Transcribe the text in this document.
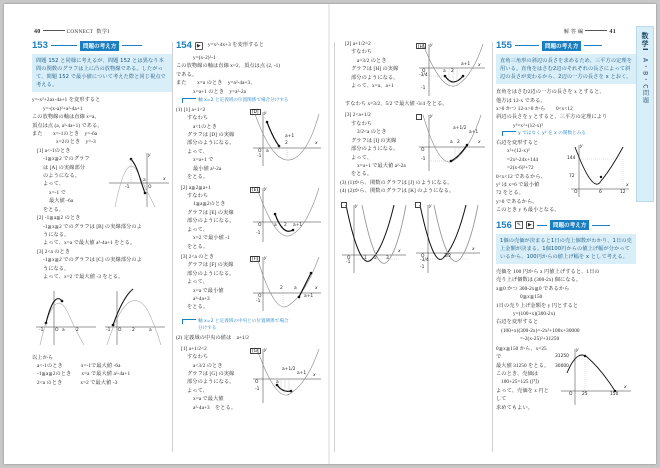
40	CONNECT 数学I	解 答 編	41	数学I
A・B・C問題
153	問題の考え方
問題 152 と同様に考えるが、問題 152 とは異なり本問の関数のグラフは上に凸の放物線である。したがって、問題 152 で最小値について考えた際と同じ視点で考える。

y=-x²+2ax-4a+1 を変形すると

y=-(x-a)²+a²-4a+1

この放物線の軸は直線 x=a。

頂点は点 (a, a²-4a+1) である。

また　　x=-1のとき　y=-6a

x=2のとき　y=-3

[1] a<-1のとき

-1≦x≦2 でのグラフ

は [A] の実線部分

のようになる。

よって、

x=-1 で

最大値 -6a

をとる。

-1	O
a	x
y

[2] -1≦a≦2 のとき

-1≦x≦2 でのグラフは [B] の実線部分のよ

うになる。

よって、x=a で最大値 a²-4a+1 をとる。

[3] 2<a のとき

-1≦x≦2 でのグラフは [C] の実線部分のよ

うになる。

よって、x=2 で最大値 -3 をとる。

-1	O a	2	-1 O 2	a

以上から

a<-1のとき	x=-1で最大値 -6a

-1≦a≦2のとき x=a で最大値 a²-4a+1

2<a のとき	x=2 で最大値 -3

154	▶	y=x²-4x+3 を変形すると

y=(x-2)²-1

この放物線の軸は直線 x=2、頂点は点 (2, -1)

である。

また　　x=a のとき　y=a²-4a+3、

x=a+1 のとき　y=a²-2a

軸 x=2 と定義域の位置関係で場合分けする

(1) [1] a+1<2

すなわち

a<1のとき

グラフは [D] の実線

部分のようになる。

よって、

x=a+1 で

最小値 a²-2a

をとる。

[D]	y
O a
2
a+1
-1
x

[2] a≦2≦a+1

すなわち

1≦a≦2のとき

グラフは [E] の実線

部分のようになる。

よって、

x=2 で最小値 -1

をとる。

[E]	y
O	a 2 a+1
-1

[3] 2<a のとき

グラフは [F] の実線

部分のようになる。

よって、

x=a で最小値

a²-4a+3

をとる。

[F]	y
O
2	a
a+1
-1
x
軸 x=2 と定義域の中央との位置関係で場合分けする

(2) 定義域の中央の値は　a+1/2

[1] a+1/2<2

すなわち

a<3/2 のとき

グラフは [G] の実線

部分のようになる。

よって、

x=a で最大値

a²-4a+3　をとる。

[G]	y
O	a
a+1/2
a+1
-1
x

[2] a+1/2=2

すなわち

a=3/2 のとき

グラフは [H] の実線

部分のようになる。

よって、x=a、a+1

[H]	y
O	a 2
a+1
-3/4
-1
x

すなわち x=3/2、5/2 で最大値 -3/4 をとる。

[3] 2<a+1/2

すなわち

3/2<a のとき

グラフは [I] の実線

部分のようになる。

よって、

x=a+1 で最大値 a²-2a

をとる。

y
O
a 2
a+1/2
a+1
-1
x

(3) (1)から、関数のグラフは [J] のようになる。

(4) (2)から、関数のグラフは [K] のようになる。

y
O	1 2 3
-1
x
y
O	3/2
-3/4
-1
x
155	問題の考え方
直角三角形の斜辺の長さを求めるため、三平方の定理を用いる。直角をはさむ2辺のそれぞれの長さによって斜辺の長さが変わるから、2辺の一方の長さを x とおく。

直角をはさむ2辺の一方の長さを x とすると、

他方は 12-x である。

x>0 かつ 12-x>0 から　　0<x<12

斜辺の長さを y とすると、三平方の定理により

y²=x²+(12-x)²

y ではなく y² を x の関数とみる

右辺を変形すると

x²+(12-x)²

=2x²-24x+144

=2(x-6)²+72

0<x<12 であるから、

y² は x=6 で最小値

72 をとる。

y>0 であるから、

このとき y も最小となる。

y
144
72
O	6	12
x
156 ✎	▶	問題の考え方
1個の売価が決まると1日の売上個数がわかり、1日の売上金額が決まる。1個100円からの値上げ幅が分かっているから、100円からの値上げ幅を x として考える。

売価を 100 円から x 円値上げすると、1日の

売り上げ個数は (300-2x) 個になる。

x≧0 かつ 300-2x≧0 であるから

0≦x≦150

1日の売り上げ金額を y 円とすると

y=(100+x)(300-2x)

右辺を変形すると

(100+x)(300-2x)=-2x²+100x+30000

=-2(x-25)²+31250

0≦x≦150 から、x=25 で

最大値 31250 をとる。

このとき、売価は

100+25=125 (円)

よって、売価を x 円として

求めてもよい。

y
31250
30000
O 25	150
x
